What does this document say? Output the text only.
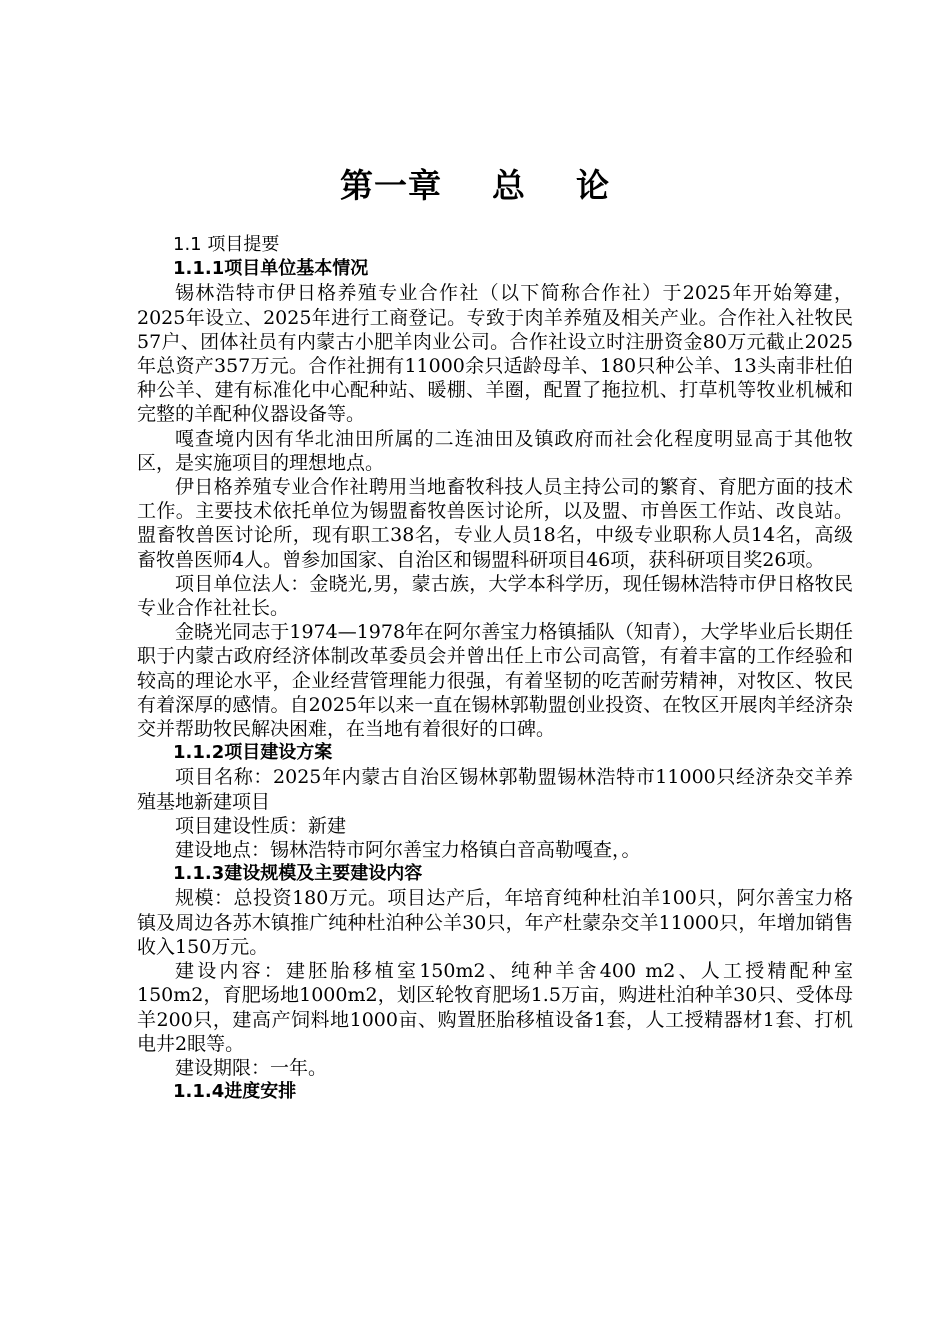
第一章    总    论
1.1 项目提要
1.1.1项目单位基本情况

锡林浩特市伊日格养殖专业合作社（以下简称合作社）于2025年开始筹建，2025年设立、2025年进行工商登记。专致于肉羊养殖及相关产业。合作社入社牧民57户、团体社员有内蒙古小肥羊肉业公司。合作社设立时注册资金80万元截止2025年总资产357万元。合作社拥有11000余只适龄母羊、180只种公羊、13头南非杜伯种公羊、建有标准化中心配种站、暖棚、羊圈，配置了拖拉机、打草机等牧业机械和完整的羊配种仪器设备等。

嘎查境内因有华北油田所属的二连油田及镇政府而社会化程度明显高于其他牧区，是实施项目的理想地点。

伊日格养殖专业合作社聘用当地畜牧科技人员主持公司的繁育、育肥方面的技术工作。主要技术依托单位为锡盟畜牧兽医讨论所，以及盟、市兽医工作站、改良站。盟畜牧兽医讨论所，现有职工38名，专业人员18名，中级专业职称人员14名，高级畜牧兽医师4人。曾参加国家、自治区和锡盟科研项目46项，获科研项目奖26项。

项目单位法人：金晓光,男，蒙古族，大学本科学历，现任锡林浩特市伊日格牧民专业合作社社长。

金晓光同志于1974—1978年在阿尔善宝力格镇插队（知青），大学毕业后长期任职于内蒙古政府经济体制改革委员会并曾出任上市公司高管，有着丰富的工作经验和较高的理论水平，企业经营管理能力很强，有着坚韧的吃苦耐劳精神，对牧区、牧民有着深厚的感情。自2025年以来一直在锡林郭勒盟创业投资、在牧区开展肉羊经济杂交并帮助牧民解决困难，在当地有着很好的口碑。

1.1.2项目建设方案

项目名称：2025年内蒙古自治区锡林郭勒盟锡林浩特市11000只经济杂交羊养殖基地新建项目

项目建设性质：新建

建设地点：锡林浩特市阿尔善宝力格镇白音高勒嘎查，。

1.1.3建设规模及主要建设内容

规模：总投资180万元。项目达产后，年培育纯种杜泊羊100只，阿尔善宝力格镇及周边各苏木镇推广纯种杜泊种公羊30只，年产杜蒙杂交羊11000只，年增加销售收入150万元。

建设内容：建胚胎移植室150m2、纯种羊舍400 m2、人工授精配种室150m2，育肥场地1000m2，划区轮牧育肥场1.5万亩，购进杜泊种羊30只、受体母羊200只，建高产饲料地1000亩、购置胚胎移植设备1套，人工授精器材1套、打机电井2眼等。

建设期限：一年。

1.1.4进度安排
